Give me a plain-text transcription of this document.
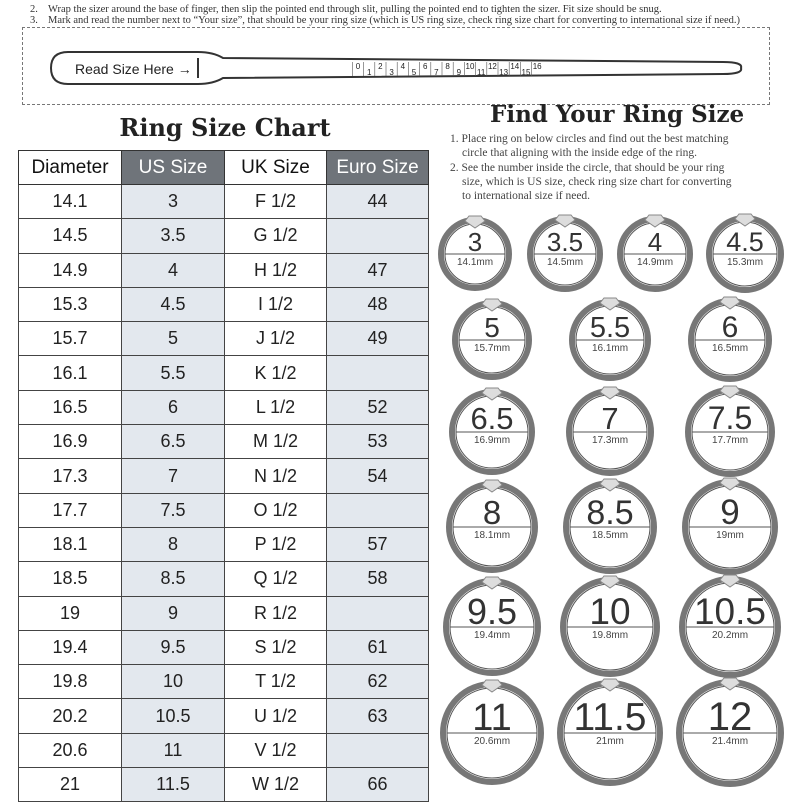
2. Wrap the sizer around the base of finger, then slip the pointed end through slit, pulling the pointed end to tighten the sizer. Fit size should be snug.
3. Mark and read the number next to “Your size”, that should be your ring size (which is US ring size, check ring size chart for converting to international size if need.)
Read Size Here →	0
1
2
3
4
5
6
7
8
9
10
11
12
13
14
15
16
Ring Size Chart
Diameter	US Size	UK Size	Euro Size
14.1	3	F 1/2	44
14.5	3.5	G 1/2	
14.9	4	H 1/2	47
15.3	4.5	I 1/2	48
15.7	5	J 1/2	49
16.1	5.5	K 1/2	
16.5	6	L 1/2	52
16.9	6.5	M 1/2	53
17.3	7	N 1/2	54
17.7	7.5	O 1/2	
18.1	8	P 1/2	57
18.5	8.5	Q 1/2	58
19	9	R 1/2	
19.4	9.5	S 1/2	61
19.8	10	T 1/2	62
20.2	10.5	U 1/2	63
20.6	11	V 1/2	
21	11.5	W 1/2	66
Find Your Ring Size
1. Place ring on below circles and find out the best matching
circle that aligning with the inside edge of the ring.
2. See the number inside the circle, that should be your ring
size, which is US size, check ring size chart for converting
to international size if need.
3
14.1mm
3.5
14.5mm
4
14.9mm
4.5
15.3mm
5
15.7mm
5.5
16.1mm
6
16.5mm
6.5
16.9mm
7
17.3mm
7.5
17.7mm
8
18.1mm
8.5
18.5mm
9
19mm
9.5
19.4mm
10
19.8mm
10.5
20.2mm
11
20.6mm
11.5
21mm
12
21.4mm
